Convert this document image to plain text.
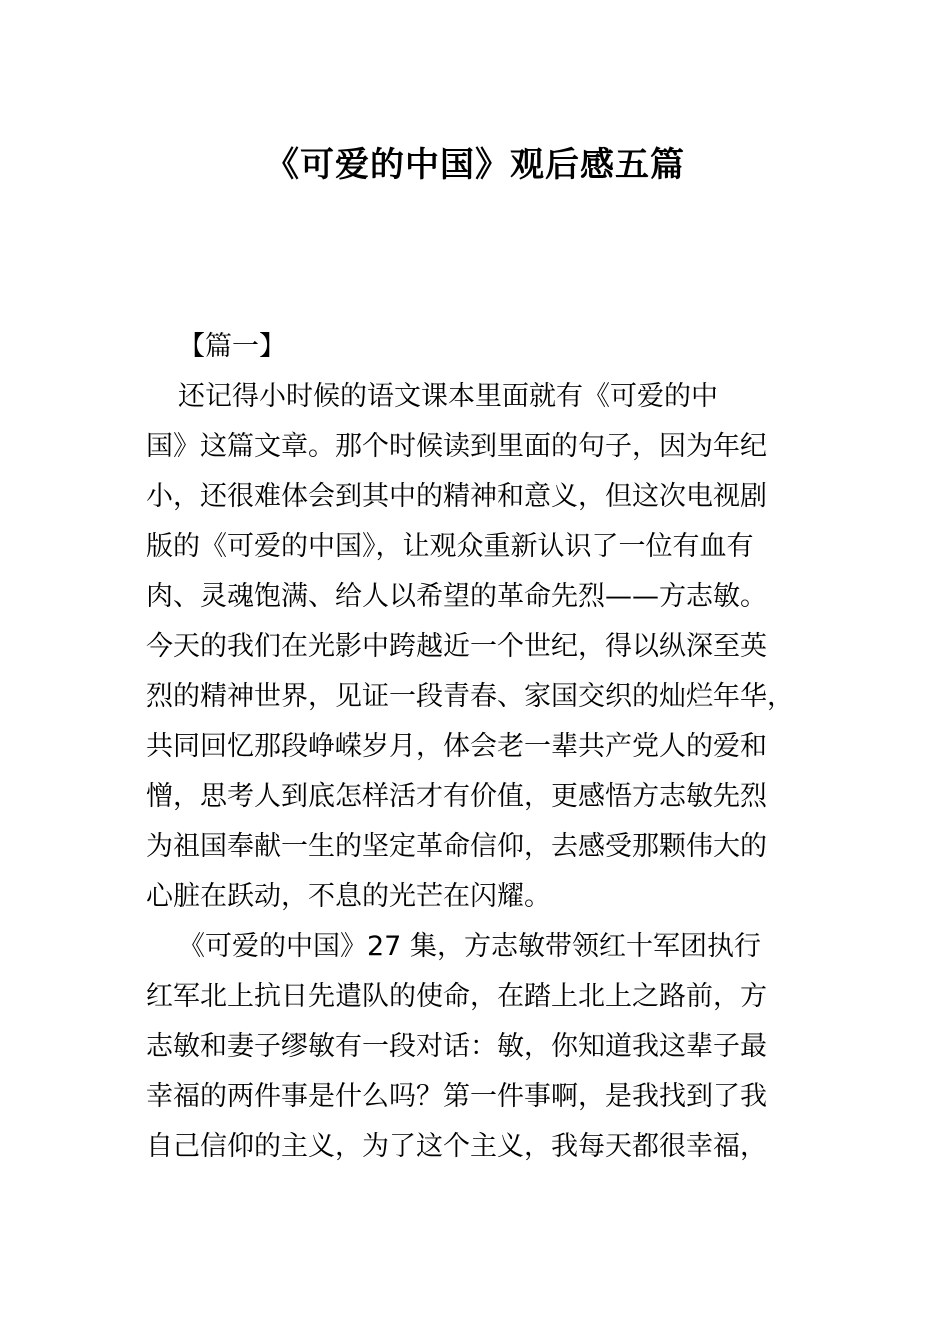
《可爱的中国》观后感五篇
【篇一】
还记得小时候的语文课本里面就有《可爱的中
国》这篇文章。那个时候读到里面的句子，因为年纪
小，还很难体会到其中的精神和意义，但这次电视剧
版的《可爱的中国》，让观众重新认识了一位有血有
肉、灵魂饱满、给人以希望的革命先烈——方志敏。
今天的我们在光影中跨越近一个世纪，得以纵深至英
烈的精神世界，见证一段青春、家国交织的灿烂年华，
共同回忆那段峥嵘岁月，体会老一辈共产党人的爱和
憎，思考人到底怎样活才有价值，更感悟方志敏先烈
为祖国奉献一生的坚定革命信仰，去感受那颗伟大的
心脏在跃动，不息的光芒在闪耀。
《可爱的中国》27 集，方志敏带领红十军团执行
红军北上抗日先遣队的使命，在踏上北上之路前，方
志敏和妻子缪敏有一段对话：敏，你知道我这辈子最
幸福的两件事是什么吗？第一件事啊，是我找到了我
自己信仰的主义，为了这个主义，我每天都很幸福，
